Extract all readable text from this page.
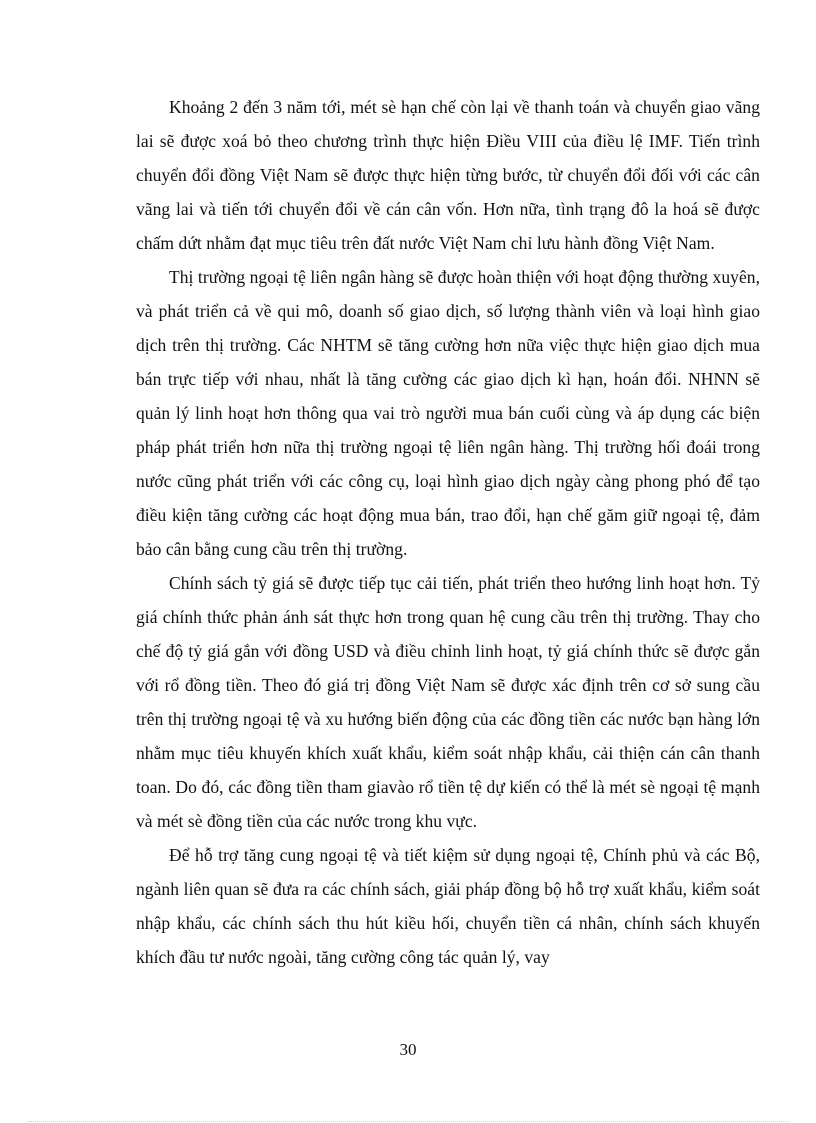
Khoảng 2 đến 3 năm tới, mét sè hạn chế còn lại về thanh toán và chuyển giao vãng lai sẽ được xoá bỏ theo chương trình thực hiện Điều VIII của điều lệ IMF. Tiến trình chuyển đổi đồng Việt Nam sẽ được thực hiện từng bước, từ chuyển đổi đối với các cân vãng lai và tiến tới chuyển đổi về cán cân vốn. Hơn nữa, tình trạng đô la hoá sẽ được chấm dứt nhằm đạt mục tiêu trên đất nước Việt Nam chỉ lưu hành đồng Việt Nam.

Thị trường ngoại tệ liên ngân hàng sẽ được hoàn thiện với hoạt động thường xuyên, và phát triển cả về qui mô, doanh số giao dịch, số lượng thành viên và loại hình giao dịch trên thị trường. Các NHTM sẽ tăng cường hơn nữa việc thực hiện giao dịch mua bán trực tiếp với nhau, nhất là tăng cường các giao dịch kì hạn, hoán đổi. NHNN sẽ quản lý linh hoạt hơn thông qua vai trò người mua bán cuối cùng và áp dụng các biện pháp phát triển hơn nữa thị trường ngoại tệ liên ngân hàng. Thị trường hối đoái trong nước cũng phát triển với các công cụ, loại hình giao dịch ngày càng phong phó để tạo điều kiện tăng cường các hoạt động mua bán, trao đổi, hạn chế găm giữ ngoại tệ, đảm bảo cân bằng cung cầu trên thị trường.

Chính sách tỷ giá sẽ được tiếp tục cải tiến, phát triển theo hướng linh hoạt hơn. Tỷ giá chính thức phản ánh sát thực hơn trong quan hệ cung cầu trên thị trường. Thay cho chế độ tỷ giá gắn với đồng USD và điều chỉnh linh hoạt, tỷ giá chính thức sẽ được gắn với rổ đồng tiền. Theo đó giá trị đồng Việt Nam sẽ được xác định trên cơ sở sung cầu trên thị trường ngoại tệ và xu hướng biến động của các đồng tiền các nước bạn hàng lớn nhằm mục tiêu khuyến khích xuất khẩu, kiểm soát nhập khẩu, cải thiện cán cân thanh toan. Do đó, các đồng tiền tham giavào rổ tiền tệ dự kiến có thể là mét sè ngoại tệ mạnh và mét sè đồng tiền của các nước trong khu vực.

Để hỗ trợ tăng cung ngoại tệ và tiết kiệm sử dụng ngoại tệ, Chính phủ và các Bộ, ngành liên quan sẽ đưa ra các chính sách, giải pháp đồng bộ hỗ trợ xuất khẩu, kiểm soát nhập khẩu, các chính sách thu hút kiều hối, chuyển tiền cá nhân, chính sách khuyến khích đầu tư nước ngoài, tăng cường công tác quản lý, vay

30
